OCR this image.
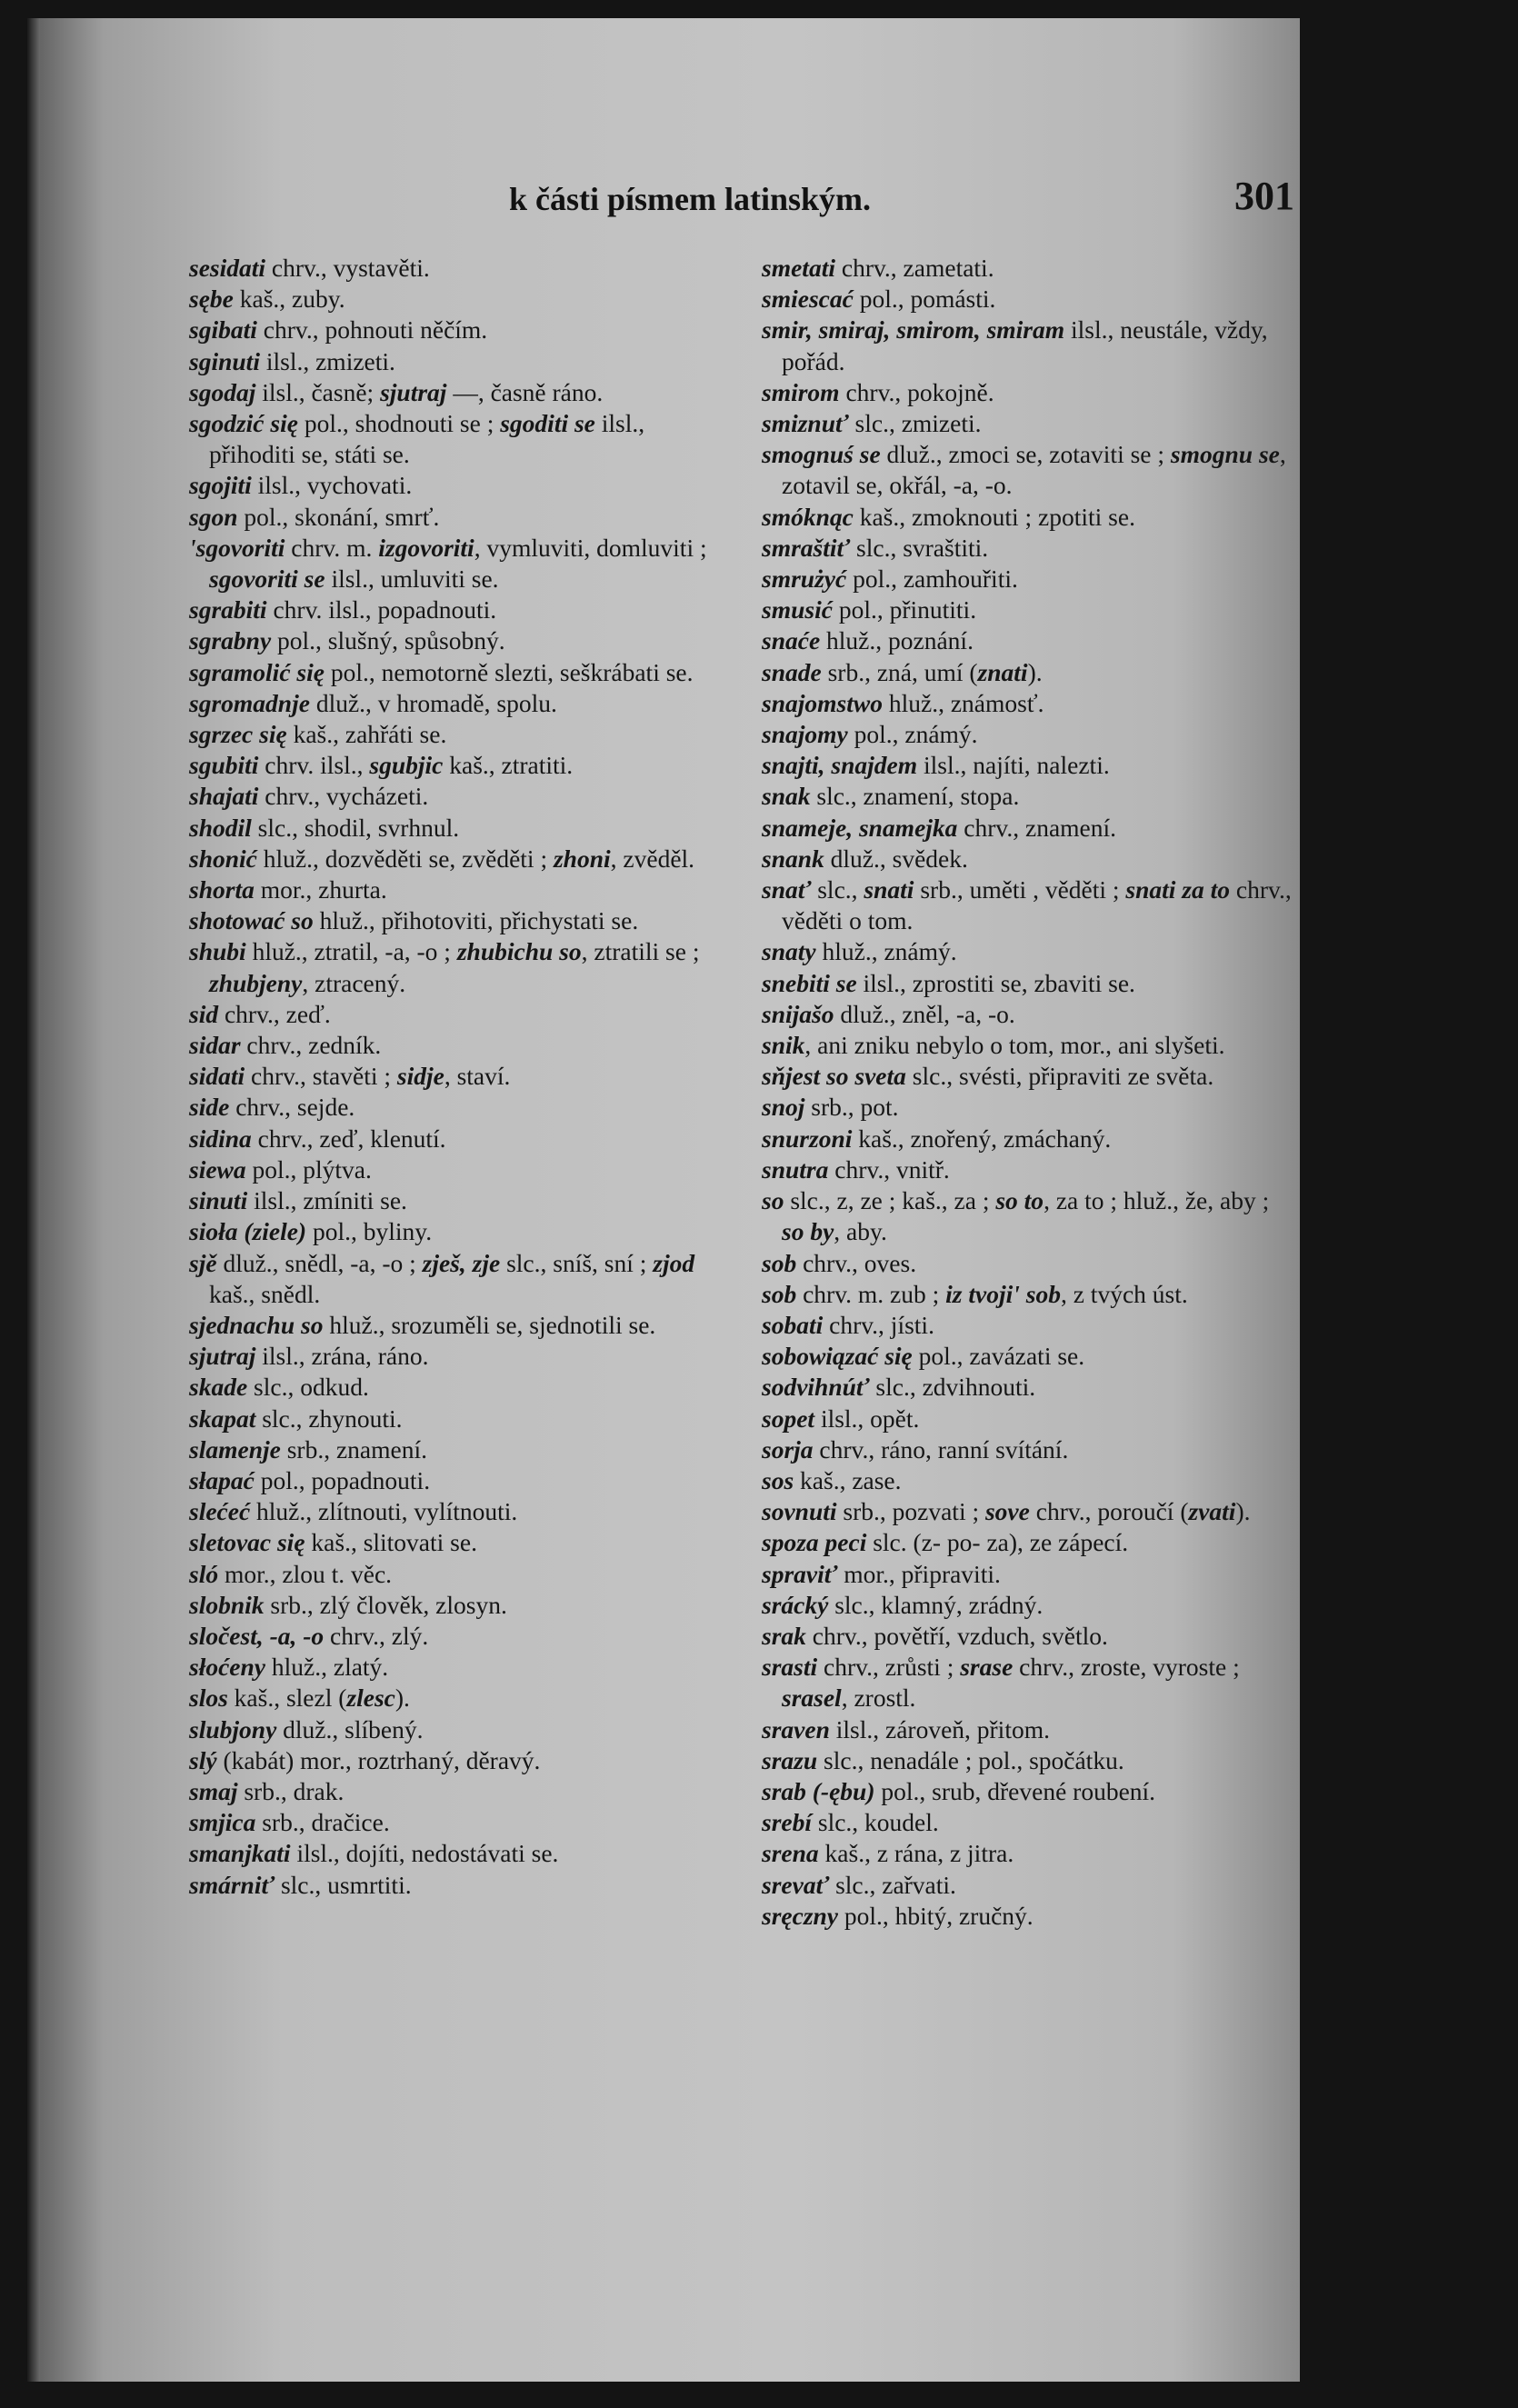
k části písmem latinským.	301
sesidati chrv., vystavěti.
sębe kaš., zuby.
sgibati chrv., pohnouti něčím.
sginuti ilsl., zmizeti.
sgodaj ilsl., časně; sjutraj —, časně ráno.
sgodzić się pol., shodnouti se ; sgoditi se ilsl., přihoditi se, státi se.
sgojiti ilsl., vychovati.
sgon pol., skonání, smrť.
'sgovoriti chrv. m. izgovoriti, vymluviti, domluviti ; sgovoriti se ilsl., umluviti se.
sgrabiti chrv. ilsl., popadnouti.
sgrabny pol., slušný, spůsobný.
sgramolić się pol., nemotorně slezti, seškrábati se.
sgromadnje dluž., v hromadě, spolu.
sgrzec się kaš., zahřáti se.
sgubiti chrv. ilsl., sgubjic kaš., ztratiti.
shajati chrv., vycházeti.
shodil slc., shodil, svrhnul.
shonić hluž., dozvěděti se, zvěděti ; zhoni, zvěděl.
shorta mor., zhurta.
shotować so hluž., přihotoviti, přichystati se.
shubi hluž., ztratil, -a, -o ; zhubichu so, ztratili se ; zhubjeny, ztracený.
sid chrv., zeď.
sidar chrv., zedník.
sidati chrv., stavěti ; sidje, staví.
side chrv., sejde.
sidina chrv., zeď, klenutí.
siewa pol., plýtva.
sinuti ilsl., zmíniti se.
sioła (ziele) pol., byliny.
sjě dluž., snědl, -a, -o ; zješ, zje slc., sníš, sní ; zjod kaš., snědl.
sjednachu so hluž., srozuměli se, sjednotili se.
sjutraj ilsl., zrána, ráno.
skade slc., odkud.
skapat slc., zhynouti.
slamenje srb., znamení.
słapać pol., popadnouti.
slećeć hluž., zlítnouti, vylítnouti.
sletovac się kaš., slitovati se.
sló mor., zlou t. věc.
slobnik srb., zlý člověk, zlosyn.
sločest, -a, -o chrv., zlý.
słoćeny hluž., zlatý.
slos kaš., slezl (zlesc).
slubjony dluž., slíbený.
slý (kabát) mor., roztrhaný, děravý.
smaj srb., drak.
smjica srb., dračice.
smanjkati ilsl., dojíti, nedostávati se.
smárniť slc., usmrtiti.
smetati chrv., zametati.
smiescać pol., pomásti.
smir, smiraj, smirom, smiram ilsl., neustále, vždy, pořád.
smirom chrv., pokojně.
smiznuť slc., zmizeti.
smognuś se dluž., zmoci se, zotaviti se ; smognu se, zotavil se, okřál, -a, -o.
smóknąc kaš., zmoknouti ; zpotiti se.
smraštiť slc., svraštiti.
smrużyć pol., zamhouřiti.
smusić pol., přinutiti.
snaće hluž., poznání.
snade srb., zná, umí (znati).
snajomstwo hluž., známosť.
snajomy pol., známý.
snajti, snajdem ilsl., najíti, nalezti.
snak slc., znamení, stopa.
snameje, snamejka chrv., znamení.
snank dluž., svědek.
snať slc., snati srb., uměti , věděti ; snati za to chrv., věděti o tom.
snaty hluž., známý.
snebiti se ilsl., zprostiti se, zbaviti se.
snijašo dluž., zněl, -a, -o.
snik, ani zniku nebylo o tom, mor., ani slyšeti.
sňjest so sveta slc., svésti, připraviti ze světa.
snoj srb., pot.
snurzoni kaš., znořený, zmáchaný.
snutra chrv., vnitř.
so slc., z, ze ; kaš., za ; so to, za to ; hluž., že, aby ; so by, aby.
sob chrv., oves.
sob chrv. m. zub ; iz tvoji' sob, z tvých úst.
sobati chrv., jísti.
sobowiązać się pol., zavázati se.
sodvihnúť slc., zdvihnouti.
sopet ilsl., opět.
sorja chrv., ráno, ranní svítání.
sos kaš., zase.
sovnuti srb., pozvati ; sove chrv., poroučí (zvati).
spoza peci slc. (z- po- za), ze zápecí.
spraviť mor., připraviti.
srácký slc., klamný, zrádný.
srak chrv., povětří, vzduch, světlo.
srasti chrv., zrůsti ; srase chrv., zroste, vyroste ; srasel, zrostl.
sraven ilsl., zároveň, přitom.
srazu slc., nenadále ; pol., spočátku.
srab (-ębu) pol., srub, dřevené roubení.
srebí slc., koudel.
srena kaš., z rána, z jitra.
srevať slc., zařvati.
sręczny pol., hbitý, zručný.
